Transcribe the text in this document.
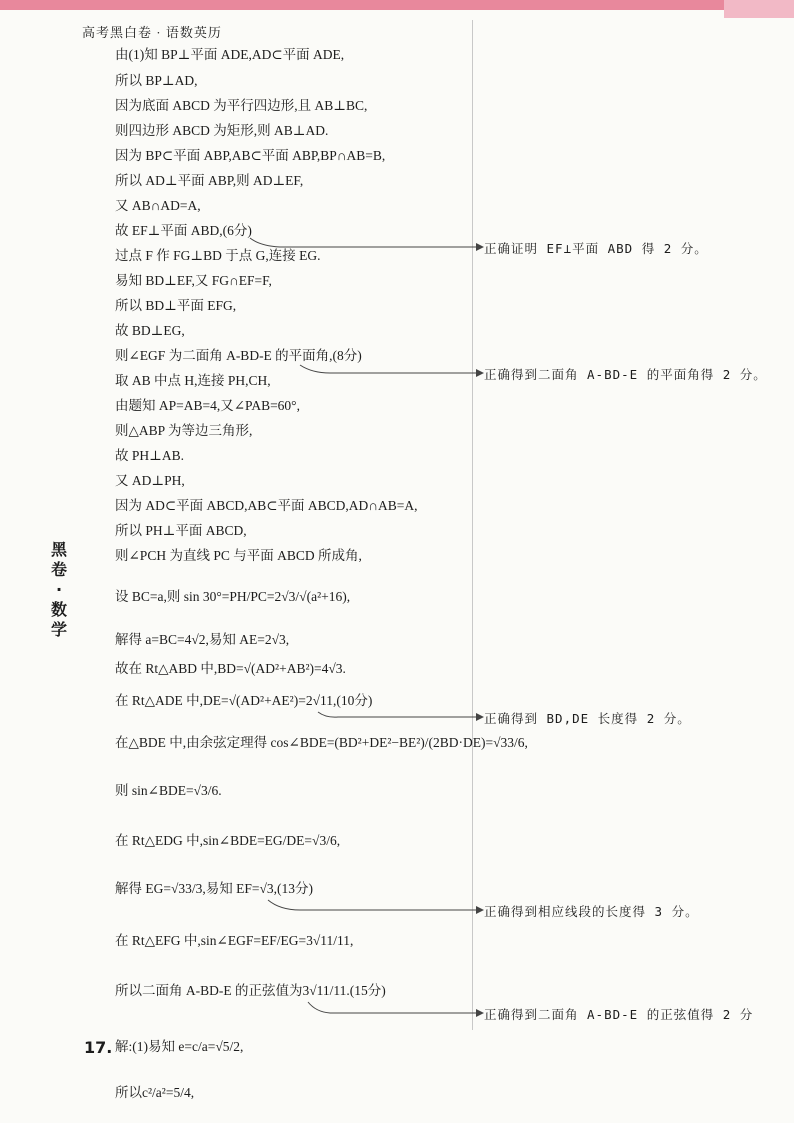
高考黑白卷 · 语数英历
黑卷·数学
由(1)知 BP⊥平面 ADE,AD⊂平面 ADE,
所以 BP⊥AD,
因为底面 ABCD 为平行四边形,且 AB⊥BC,
则四边形 ABCD 为矩形,则 AB⊥AD.
因为 BP⊂平面 ABP,AB⊂平面 ABP,BP∩AB=B,
所以 AD⊥平面 ABP,则 AD⊥EF,
又 AB∩AD=A,
故 EF⊥平面 ABD,(6分)
过点 F 作 FG⊥BD 于点 G,连接 EG.
易知 BD⊥EF,又 FG∩EF=F,
所以 BD⊥平面 EFG,
故 BD⊥EG,
则∠EGF 为二面角 A-BD-E 的平面角,(8分)
取 AB 中点 H,连接 PH,CH,
由题知 AP=AB=4,又∠PAB=60°,
则△ABP 为等边三角形,
故 PH⊥AB.
又 AD⊥PH,
因为 AD⊂平面 ABCD,AB⊂平面 ABCD,AD∩AB=A,
所以 PH⊥平面 ABCD,
则∠PCH 为直线 PC 与平面 ABCD 所成角,
设 BC=a,则 sin 30°=PH/PC=2√3/√(a²+16),
解得 a=BC=4√2,易知 AE=2√3,
故在 Rt△ABD 中,BD=√(AD²+AB²)=4√3.
在 Rt△ADE 中,DE=√(AD²+AE²)=2√11,(10分)
在△BDE 中,由余弦定理得 cos∠BDE=(BD²+DE²−BE²)/(2BD·DE)=√33/6,
则 sin∠BDE=√3/6.
在 Rt△EDG 中,sin∠BDE=EG/DE=√3/6,
解得 EG=√33/3,易知 EF=√3,(13分)
在 Rt△EFG 中,sin∠EGF=EF/EG=3√11/11,
所以二面角 A-BD-E 的正弦值为3√11/11.(15分)
17. 解:(1)易知 e=c/a=√5/2,
所以c²/a²=5/4,
正确证明 EF⊥平面 ABD 得 2 分。
正确得到二面角 A-BD-E 的平面角得 2 分。
正确得到 BD,DE 长度得 2 分。
正确得到相应线段的长度得 3 分。
正确得到二面角 A-BD-E 的正弦值得 2 分
